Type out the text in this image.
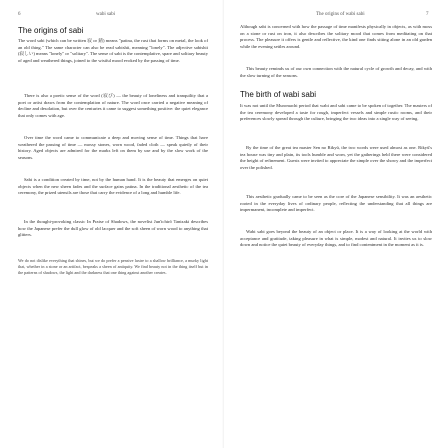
6	wabi sabi
The origins of sabi

The word sabi (which can be written 寂 or 錆) means "patina, the rust that forms on metal, the look of an old thing." The same character can also be read sabishii, meaning "lonely". The adjective sabishii (寂しい) means "lonely" or "solitary". The sense of sabi is the contemplative, spare and solitary beauty of aged and weathered things, joined to the wistful mood evoked by the passing of time.

There is also a poetic sense of the word (寂び) — the beauty of loneliness and tranquility that a poet or artist draws from the contemplation of nature. The word once carried a negative meaning of decline and desolation, but over the centuries it came to suggest something positive: the quiet elegance that only comes with age.

Over time the word came to communicate a deep and moving sense of time. Things that have weathered the passing of time — mossy stones, worn wood, faded cloth — speak quietly of their history. Aged objects are admired for the marks left on them by use and by the slow work of the seasons.

Sabi is a condition created by time, not by the human hand. It is the beauty that emerges on quiet objects when the new sheen fades and the surface gains patina. In the traditional aesthetic of the tea ceremony, the prized utensils are those that carry the evidence of a long and humble life.

In the thought-provoking classic In Praise of Shadows, the novelist Jun'ichirō Tanizaki describes how the Japanese prefer the dull glow of old lacquer and the soft sheen of worn wood to anything that glitters.

We do not dislike everything that shines, but we do prefer a pensive lustre to a shallow brilliance, a murky light that, whether in a stone or an artifact, bespeaks a sheen of antiquity. We find beauty not in the thing itself but in the patterns of shadows, the light and the darkness that one thing against another creates.

The origins of wabi sabi	7

Although sabi is concerned with how the passage of time manifests physically in objects, as with moss on a stone or rust on iron, it also describes the solitary mood that comes from meditating on that process. The pleasure it offers is gentle and reflective, the kind one finds sitting alone in an old garden while the evening settles around.

This beauty reminds us of our own connection with the natural cycle of growth and decay, and with the slow turning of the seasons.

The birth of wabi sabi

It was not until the Muromachi period that wabi and sabi came to be spoken of together. The masters of the tea ceremony developed a taste for rough, imperfect vessels and simple rustic rooms, and their preferences slowly spread through the culture, bringing the two ideas into a single way of seeing.

By the time of the great tea master Sen no Rikyū, the two words were used almost as one. Rikyū's tea house was tiny and plain, its tools humble and worn, yet the gatherings held there were considered the height of refinement. Guests were invited to appreciate the simple over the showy and the imperfect over the polished.

This aesthetic gradually came to be seen as the core of the Japanese sensibility. It was an aesthetic rooted in the everyday lives of ordinary people, reflecting the understanding that all things are impermanent, incomplete and imperfect.

Wabi sabi goes beyond the beauty of an object or place. It is a way of looking at the world with acceptance and gratitude, taking pleasure in what is simple, modest and natural. It invites us to slow down and notice the quiet beauty of everyday things, and to find contentment in the moment as it is.
